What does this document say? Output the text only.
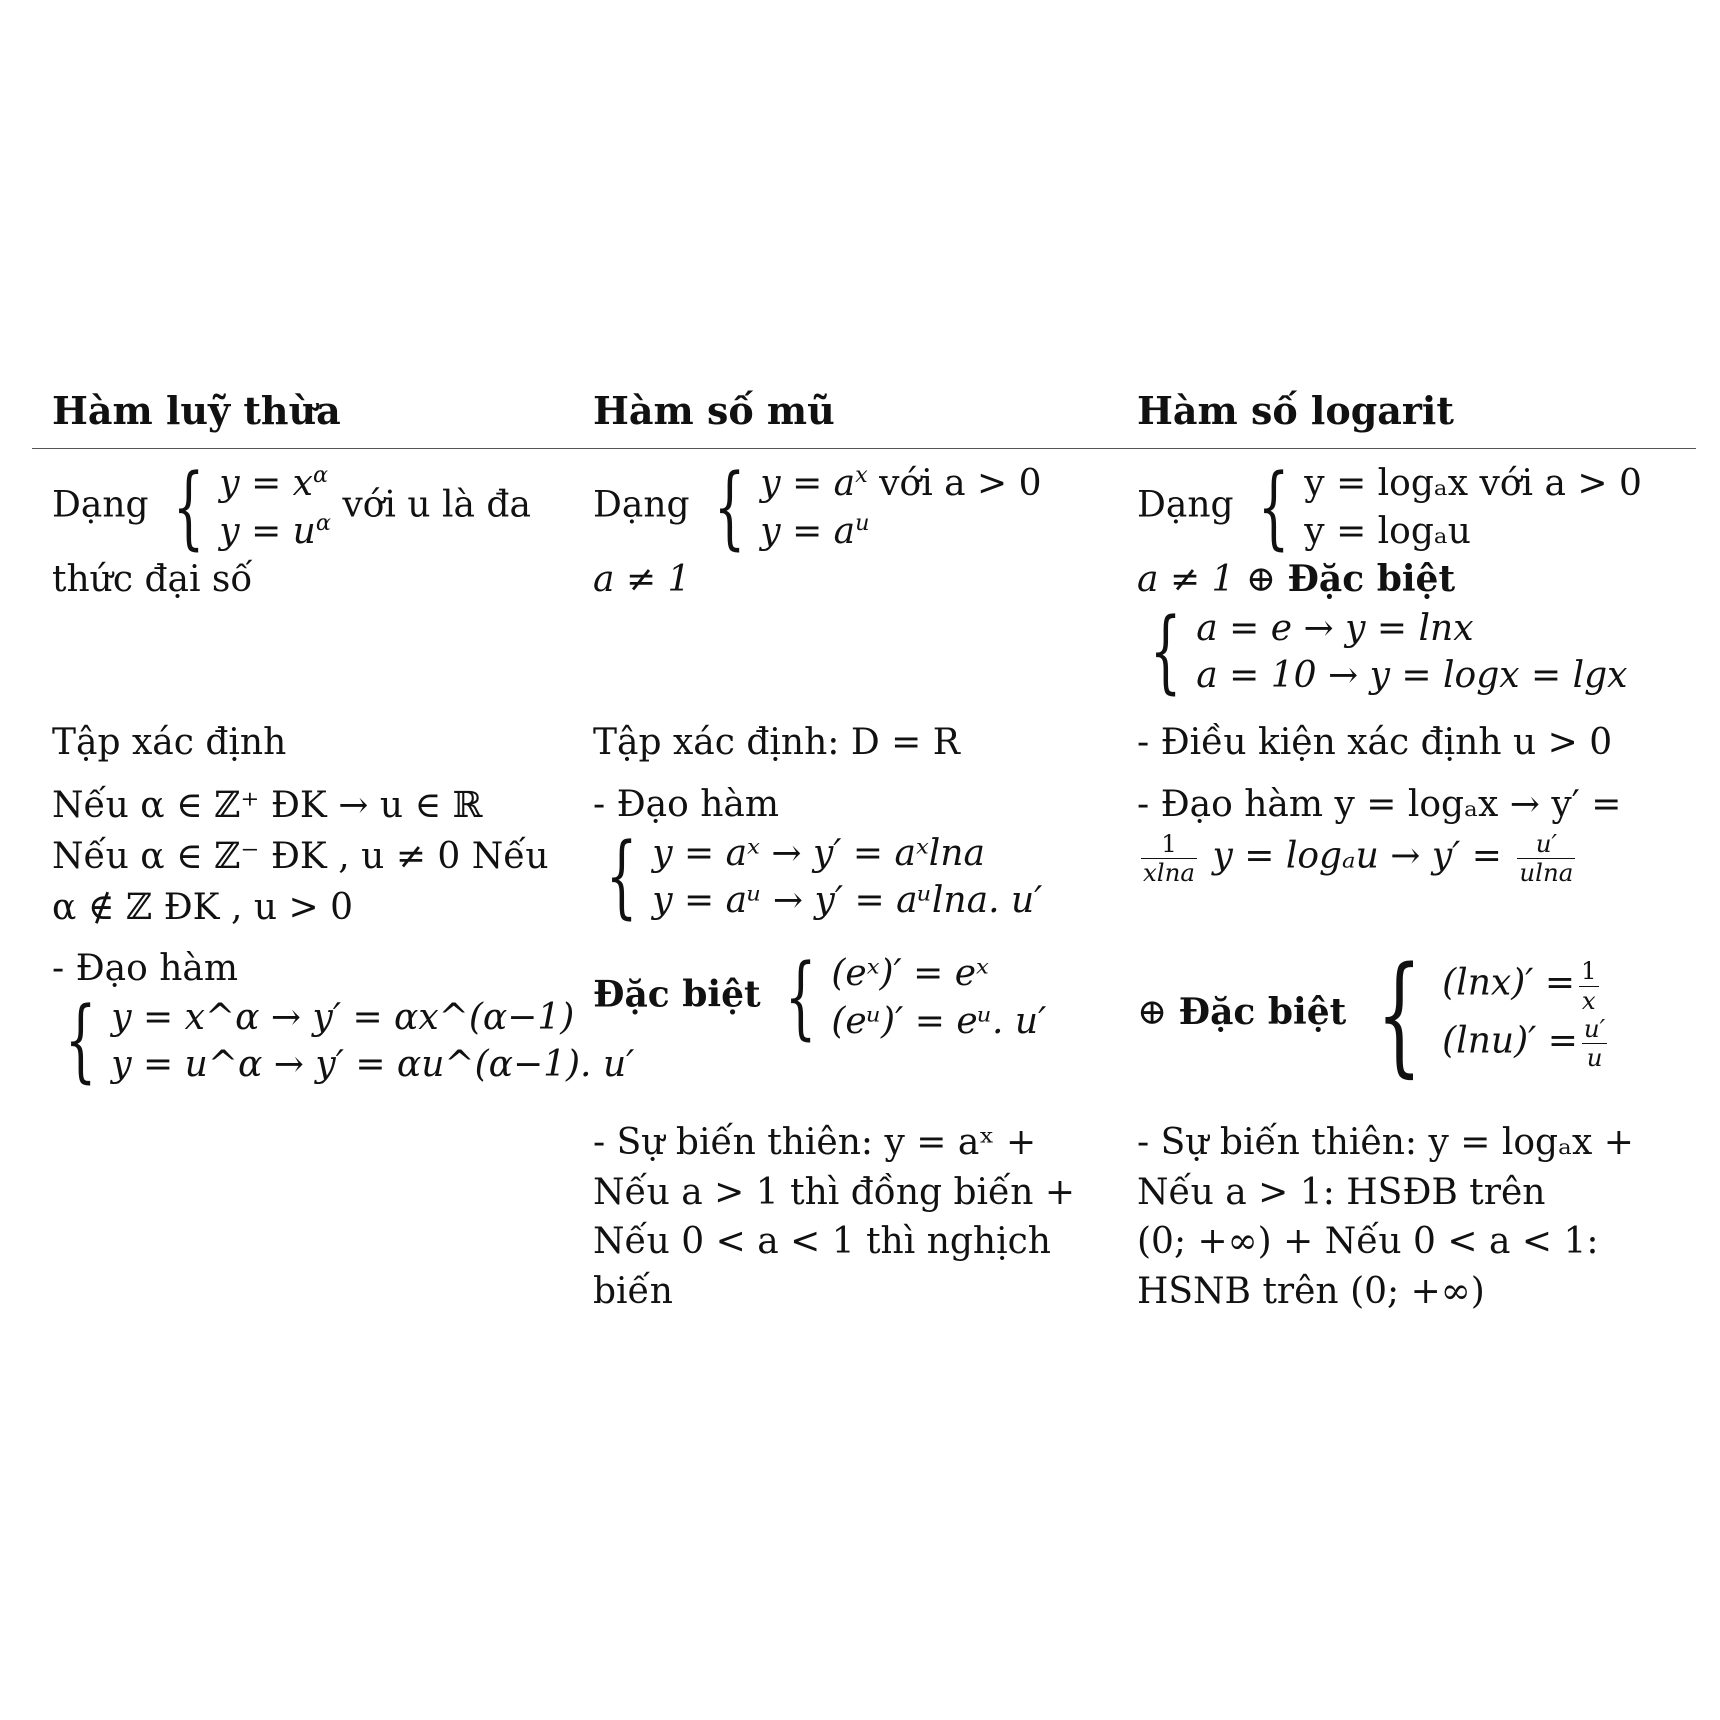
Hàm luỹ thừa	Hàm số mũ	Hàm số logarit
Dạng { $y = x^\alpha$
$y = u^\alpha$ với u là đa
thức đại số
Tập xác định
Nếu α ∈ ℤ⁺ ĐK → u ∈ ℝ
Nếu α ∈ ℤ⁻ ĐK , u ≠ 0 Nếu
α ∉ ℤ ĐK , u > 0
- Đạo hàm
{ y = x^α → y′ = αx^(α−1)
y = u^α → y′ = αu^(α−1). u′
Dạng { $y = a^x$ với a > 0
$y = a^u$
a ≠ 1
Tập xác định: D = R
- Đạo hàm
{ y = aˣ → y′ = aˣlna
y = aᵘ → y′ = aᵘlna. u′
Đặc biệt { (eˣ)′ = eˣ
(eᵘ)′ = eᵘ. u′
- Sự biến thiên: y = aˣ +
Nếu a > 1 thì đồng biến +
Nếu 0 < a < 1 thì nghịch
biến
Dạng { y = logₐx với a > 0
y = logₐu
a ≠ 1 ⊕ Đặc biệt
{ a = e → y = lnx
a = 10 → y = logx = lgx
- Điều kiện xác định u > 0
- Đạo hàm y = logₐx → y′ =
$\frac{1}{xlna}$ $y = \log_au \to y' = \frac{u'}{ulna}$
⊕ Đặc biệt { $(\ln x)' = \frac{1}{x}$
$(\ln u)' = \frac{u'}{u}$
- Sự biến thiên: y = logₐx +
Nếu a > 1: HSĐB trên
(0; +∞) + Nếu 0 < a < 1:
HSNB trên (0; +∞)
